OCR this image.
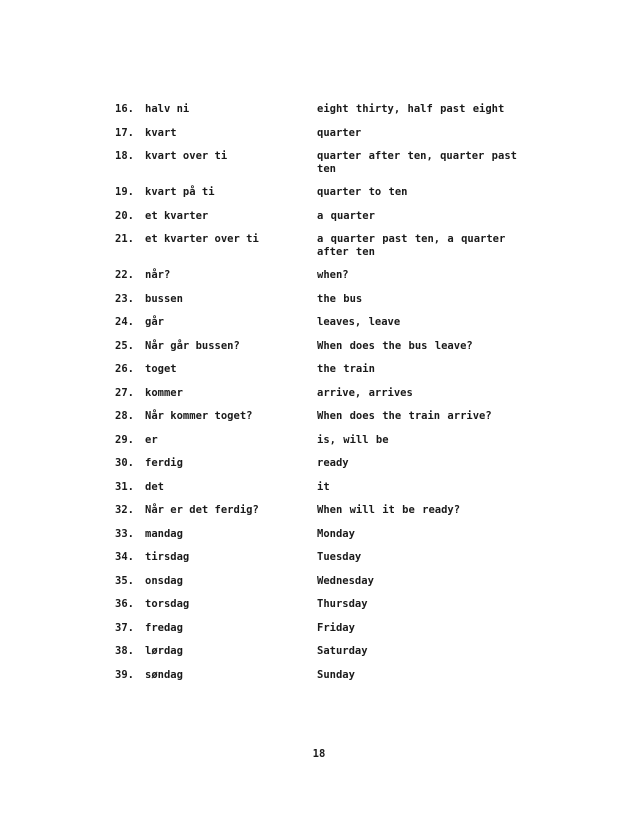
16. halv ni	eight thirty, half past eight
17. kvart	quarter
18. kvart over ti	quarter after ten, quarter past ten
19. kvart på ti	quarter to ten
20. et kvarter	a quarter
21. et kvarter over ti	a quarter past ten, a quarter after ten
22. når?	when?
23. bussen	the bus
24. går	leaves, leave
25. Når går bussen?	When does the bus leave?
26. toget	the train
27. kommer	arrive, arrives
28. Når kommer toget?	When does the train arrive?
29. er	is, will be
30. ferdig	ready
31. det	it
32. Når er det ferdig?	When will it be ready?
33. mandag	Monday
34. tirsdag	Tuesday
35. onsdag	Wednesday
36. torsdag	Thursday
37. fredag	Friday
38. lørdag	Saturday
39. søndag	Sunday
18
